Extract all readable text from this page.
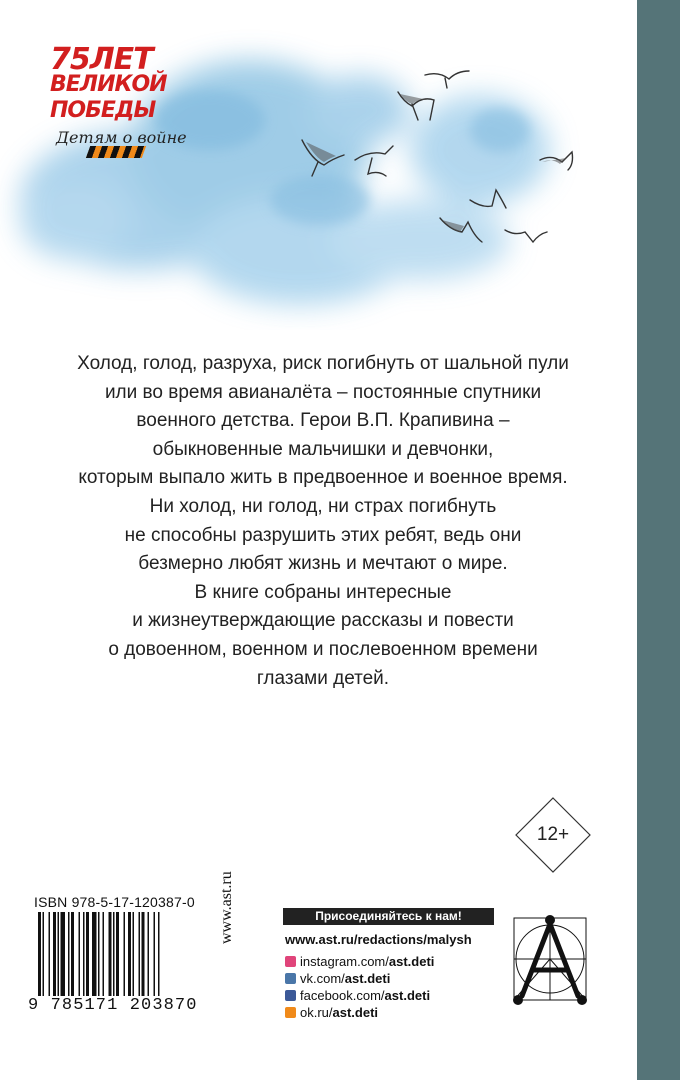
75ЛЕТ
ВЕЛИКОЙ
ПОБЕДЫ
Детям о войне

Холод, голод, разруха, риск погибнуть от шальной пули

или во время авианалёта – постоянные спутники

военного детства. Герои В.П. Крапивина –

обыкновенные мальчишки и девчонки,

которым выпало жить в предвоенное и военное время.

Ни холод, ни голод, ни страх погибнуть

не способны разрушить этих ребят, ведь они

безмерно любят жизнь и мечтают о мире.

В книге собраны интересные

и жизнеутверждающие рассказы и повести

о довоенном, военном и послевоенном времени

глазами детей.

12+
ISBN 978-5-17-120387-0
9 785171 203870
www.ast.ru	Присоединяйтесь к нам!
www.ast.ru/redactions/malysh
instagram.com/ ast.deti
vk.com/ ast.deti
facebook.com/ ast.deti
ok.ru/ ast.deti
